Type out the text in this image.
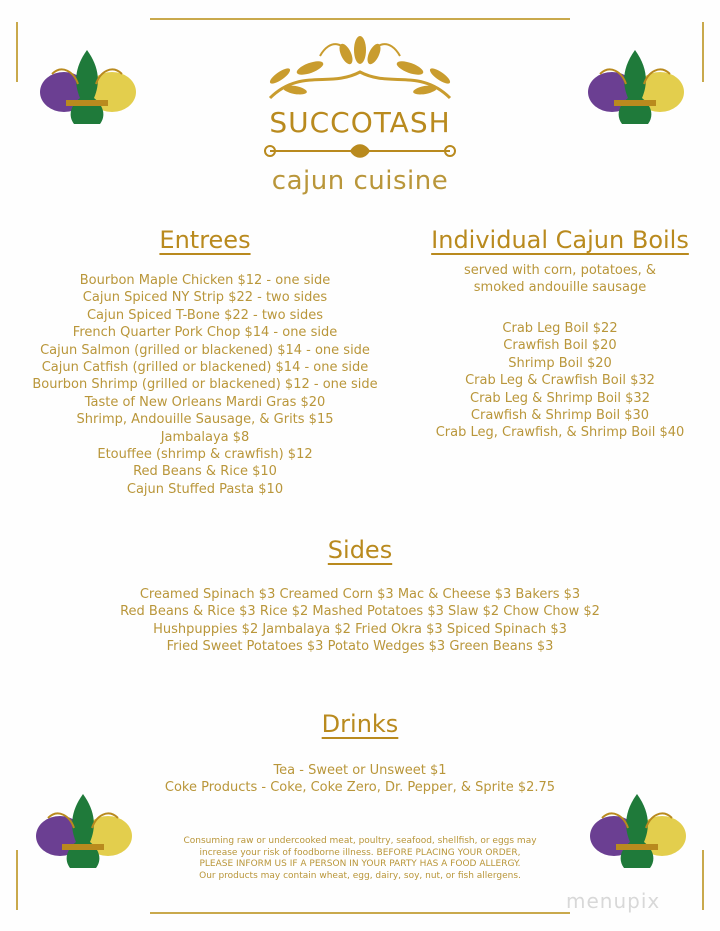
SUCCOTASH
cajun cuisine
Entrees
Bourbon Maple Chicken $12 - one side
Cajun Spiced NY Strip $22 - two sides
Cajun Spiced T-Bone $22 - two sides
French Quarter Pork Chop $14 - one side
Cajun Salmon (grilled or blackened) $14 - one side
Cajun Catfish (grilled or blackened) $14 - one side
Bourbon Shrimp (grilled or blackened) $12 - one side
Taste of New Orleans Mardi Gras $20
Shrimp, Andouille Sausage, & Grits $15
Jambalaya $8
Etouffee (shrimp & crawfish) $12
Red Beans & Rice $10
Cajun Stuffed Pasta $10
Individual Cajun Boils
served with corn, potatoes, &
smoked andouille sausage
Crab Leg Boil $22
Crawfish Boil $20
Shrimp Boil $20
Crab Leg & Crawfish Boil $32
Crab Leg & Shrimp Boil $32
Crawfish & Shrimp Boil $30
Crab Leg, Crawfish, & Shrimp Boil $40
Sides
Creamed Spinach $3 Creamed Corn $3 Mac & Cheese $3 Bakers $3
Red Beans & Rice $3 Rice $2 Mashed Potatoes $3 Slaw $2 Chow Chow $2
Hushpuppies $2 Jambalaya $2 Fried Okra $3 Spiced Spinach $3
Fried Sweet Potatoes $3 Potato Wedges $3 Green Beans $3
Drinks
Tea - Sweet or Unsweet $1
Coke Products - Coke, Coke Zero, Dr. Pepper, & Sprite $2.75
Consuming raw or undercooked meat, poultry, seafood, shellfish, or eggs may
increase your risk of foodborne illness. BEFORE PLACING YOUR ORDER,
PLEASE INFORM US IF A PERSON IN YOUR PARTY HAS A FOOD ALLERGY.
Our products may contain wheat, egg, dairy, soy, nut, or fish allergens.
menupix
